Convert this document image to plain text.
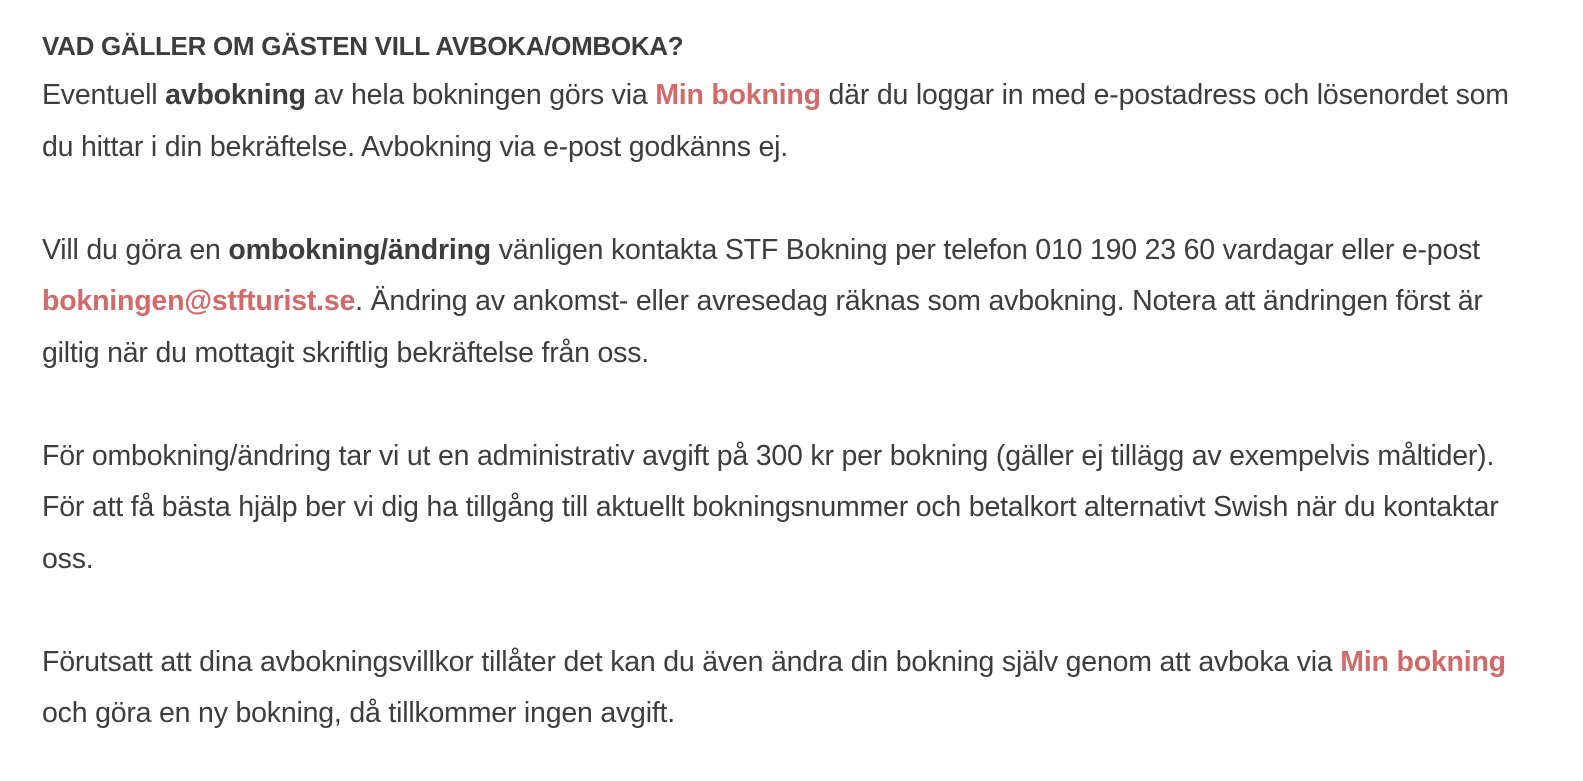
VAD GÄLLER OM GÄSTEN VILL AVBOKA/OMBOKA?

Eventuell avbokning av hela bokningen görs via Min bokning där du loggar in med e-postadress och lösenordet som du hittar i din bekräftelse. Avbokning via e-post godkänns ej.

Vill du göra en ombokning/ändring vänligen kontakta STF Bokning per telefon 010 190 23 60 vardagar eller e-post bokningen@stfturist.se. Ändring av ankomst- eller avresedag räknas som avbokning. Notera att ändringen först är giltig när du mottagit skriftlig bekräftelse från oss.

För ombokning/ändring tar vi ut en administrativ avgift på 300 kr per bokning (gäller ej tillägg av exempelvis måltider). För att få bästa hjälp ber vi dig ha tillgång till aktuellt bokningsnummer och betalkort alternativt Swish när du kontaktar oss.

Förutsatt att dina avbokningsvillkor tillåter det kan du även ändra din bokning själv genom att avboka via Min bokning och göra en ny bokning, då tillkommer ingen avgift.
